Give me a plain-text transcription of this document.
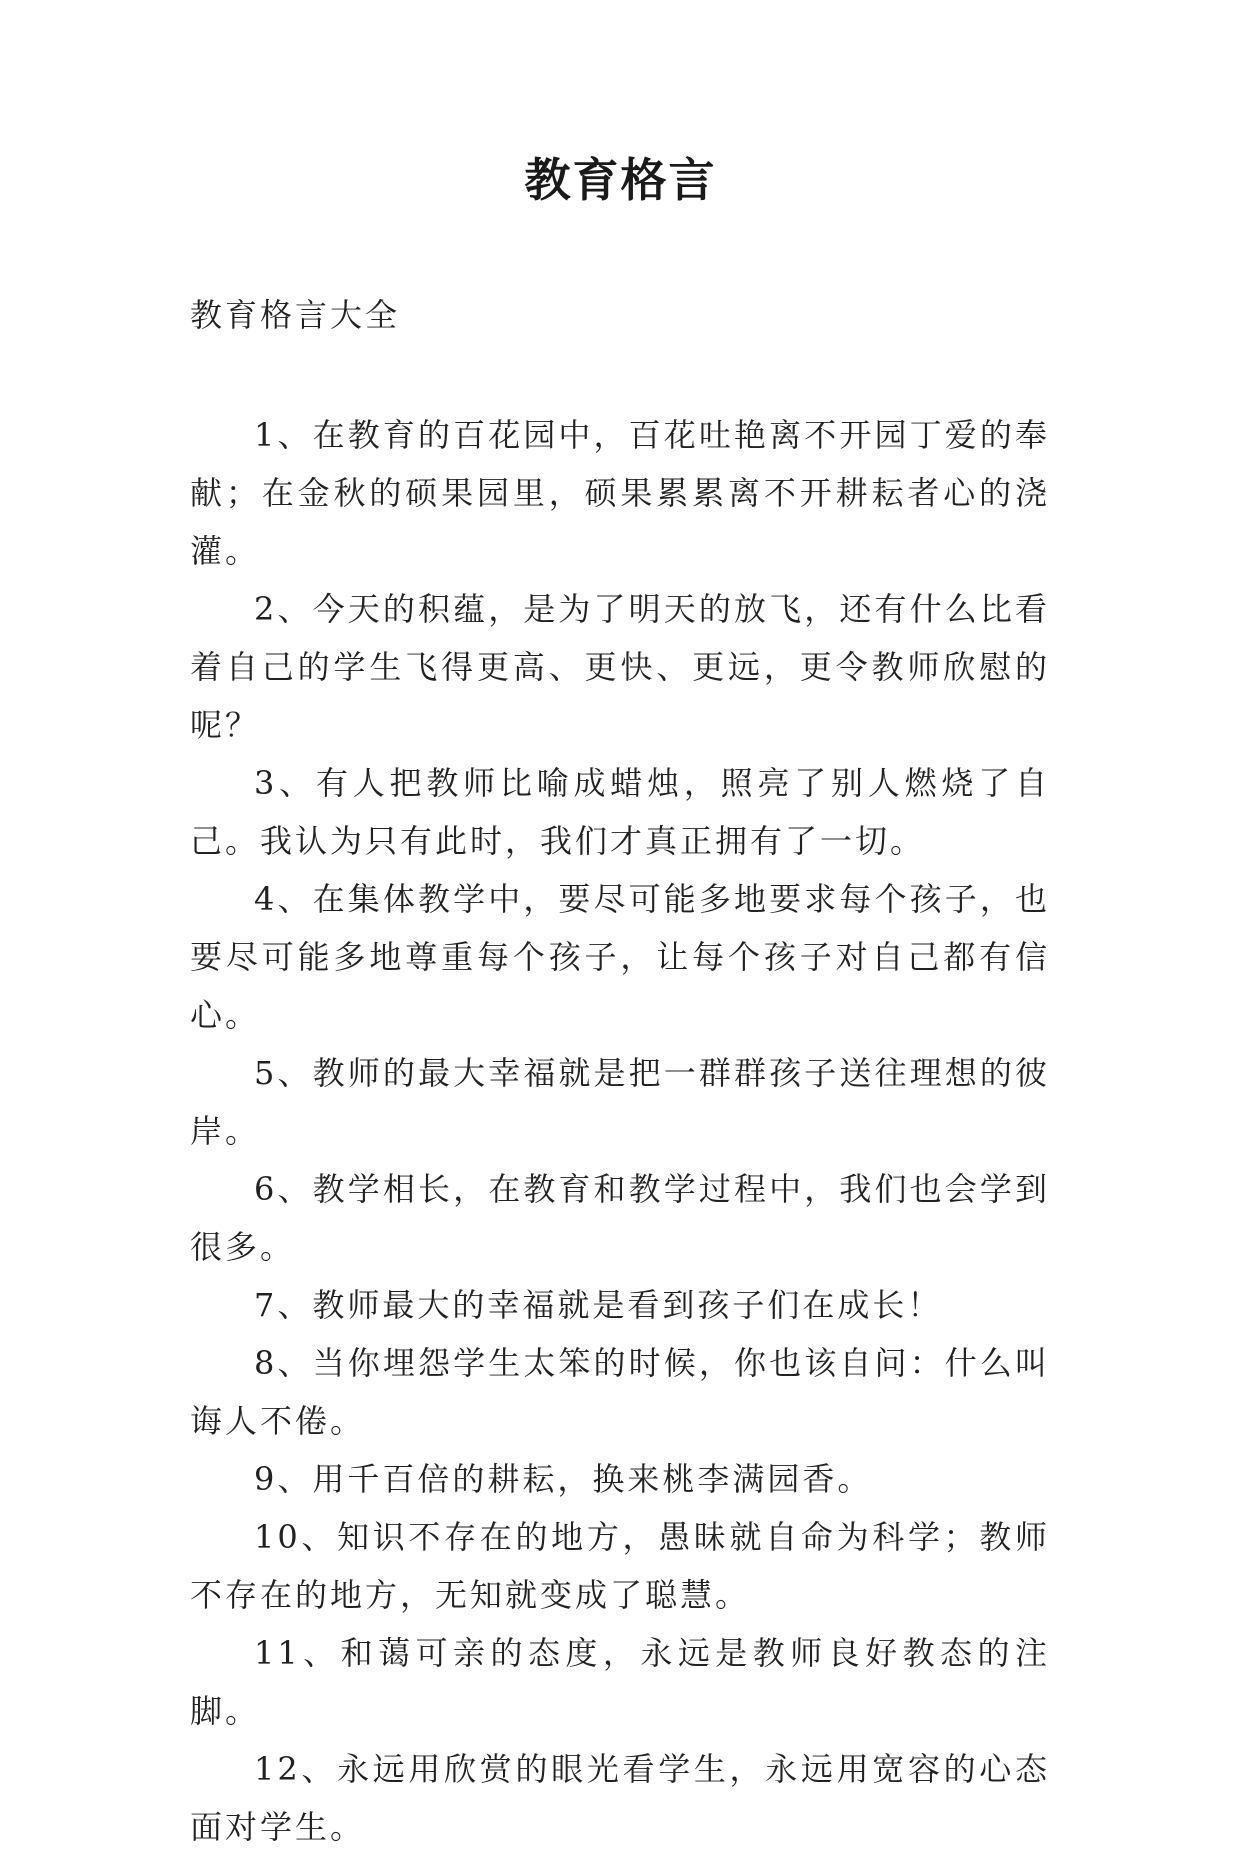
教育格言
教育格言大全

1、在教育的百花园中，百花吐艳离不开园丁爱的奉献；在金秋的硕果园里，硕果累累离不开耕耘者心的浇灌。

2、今天的积蕴，是为了明天的放飞，还有什么比看着自己的学生飞得更高、更快、更远，更令教师欣慰的呢？

3、有人把教师比喻成蜡烛，照亮了别人燃烧了自己。我认为只有此时，我们才真正拥有了一切。

4、在集体教学中，要尽可能多地要求每个孩子，也要尽可能多地尊重每个孩子，让每个孩子对自己都有信心。

5、教师的最大幸福就是把一群群孩子送往理想的彼岸。

6、教学相长，在教育和教学过程中，我们也会学到很多。

7、教师最大的幸福就是看到孩子们在成长！

8、当你埋怨学生太笨的时候，你也该自问：什么叫诲人不倦。

9、用千百倍的耕耘，换来桃李满园香。

10、知识不存在的地方，愚昧就自命为科学；教师不存在的地方，无知就变成了聪慧。

11、和蔼可亲的态度，永远是教师良好教态的注脚。

12、永远用欣赏的眼光看学生，永远用宽容的心态面对学生。
